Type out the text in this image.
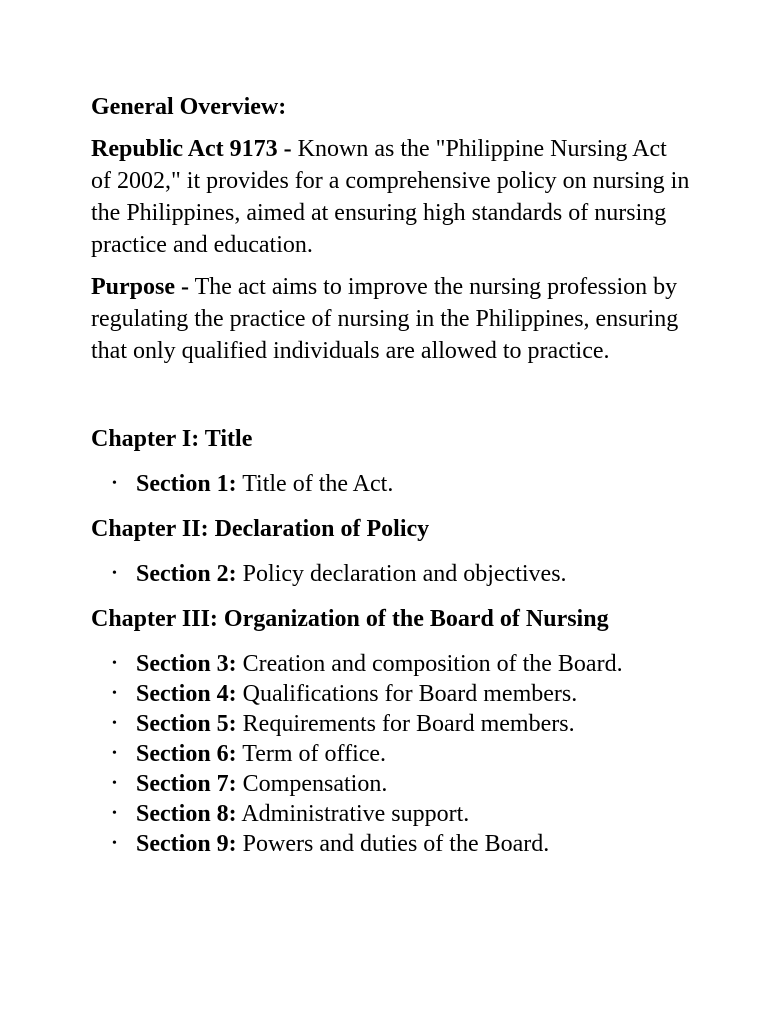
General Overview:

Republic Act 9173 - Known as the "Philippine Nursing Act of 2002," it provides for a comprehensive policy on nursing in the Philippines, aimed at ensuring high standards of nursing practice and education.

Purpose - The act aims to improve the nursing profession by regulating the practice of nursing in the Philippines, ensuring that only qualified individuals are allowed to practice.

Chapter I: Title

• Section 1: Title of the Act.

Chapter II: Declaration of Policy

• Section 2: Policy declaration and objectives.

Chapter III: Organization of the Board of Nursing

• Section 3: Creation and composition of the Board.
• Section 4: Qualifications for Board members.
• Section 5: Requirements for Board members.
• Section 6: Term of office.
• Section 7: Compensation.
• Section 8: Administrative support.
• Section 9: Powers and duties of the Board.
